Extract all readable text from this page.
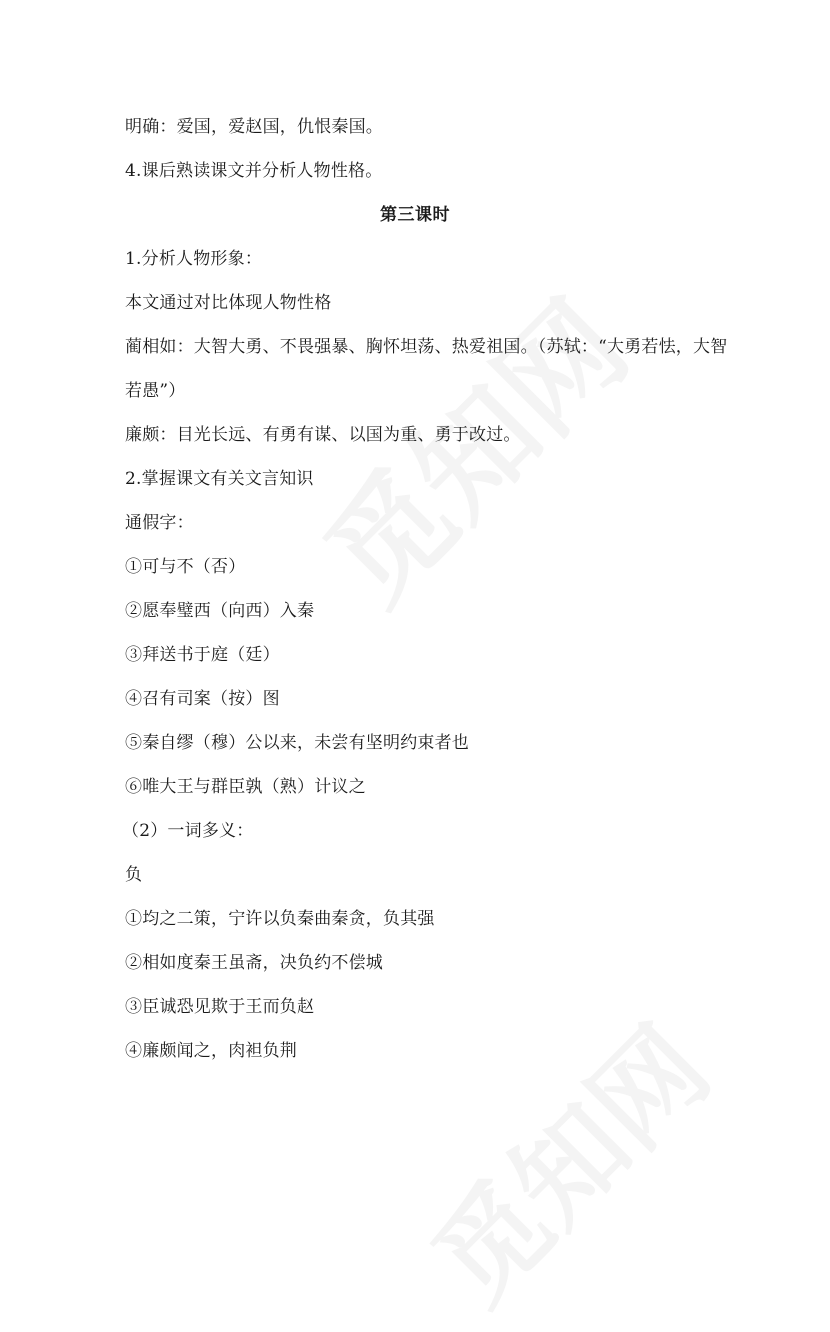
明确：爱国，爱赵国，仇恨秦国。
4.课后熟读课文并分析人物性格。
第三课时
1.分析人物形象：
本文通过对比体现人物性格
蔺相如：大智大勇、不畏强暴、胸怀坦荡、热爱祖国。（苏轼：“大勇若怯，大智
若愚”）
廉颇：目光长远、有勇有谋、以国为重、勇于改过。
2.掌握课文有关文言知识
通假字：
①可与不（否）
②愿奉璧西（向西）入秦
③拜送书于庭（廷）
④召有司案（按）图
⑤秦自缪（穆）公以来，未尝有坚明约束者也
⑥唯大王与群臣孰（熟）计议之
（2）一词多义：
负
①均之二策，宁许以负秦曲秦贪，负其强
②相如度秦王虽斋，决负约不偿城
③臣诚恐见欺于王而负赵
④廉颇闻之，肉袒负荆
